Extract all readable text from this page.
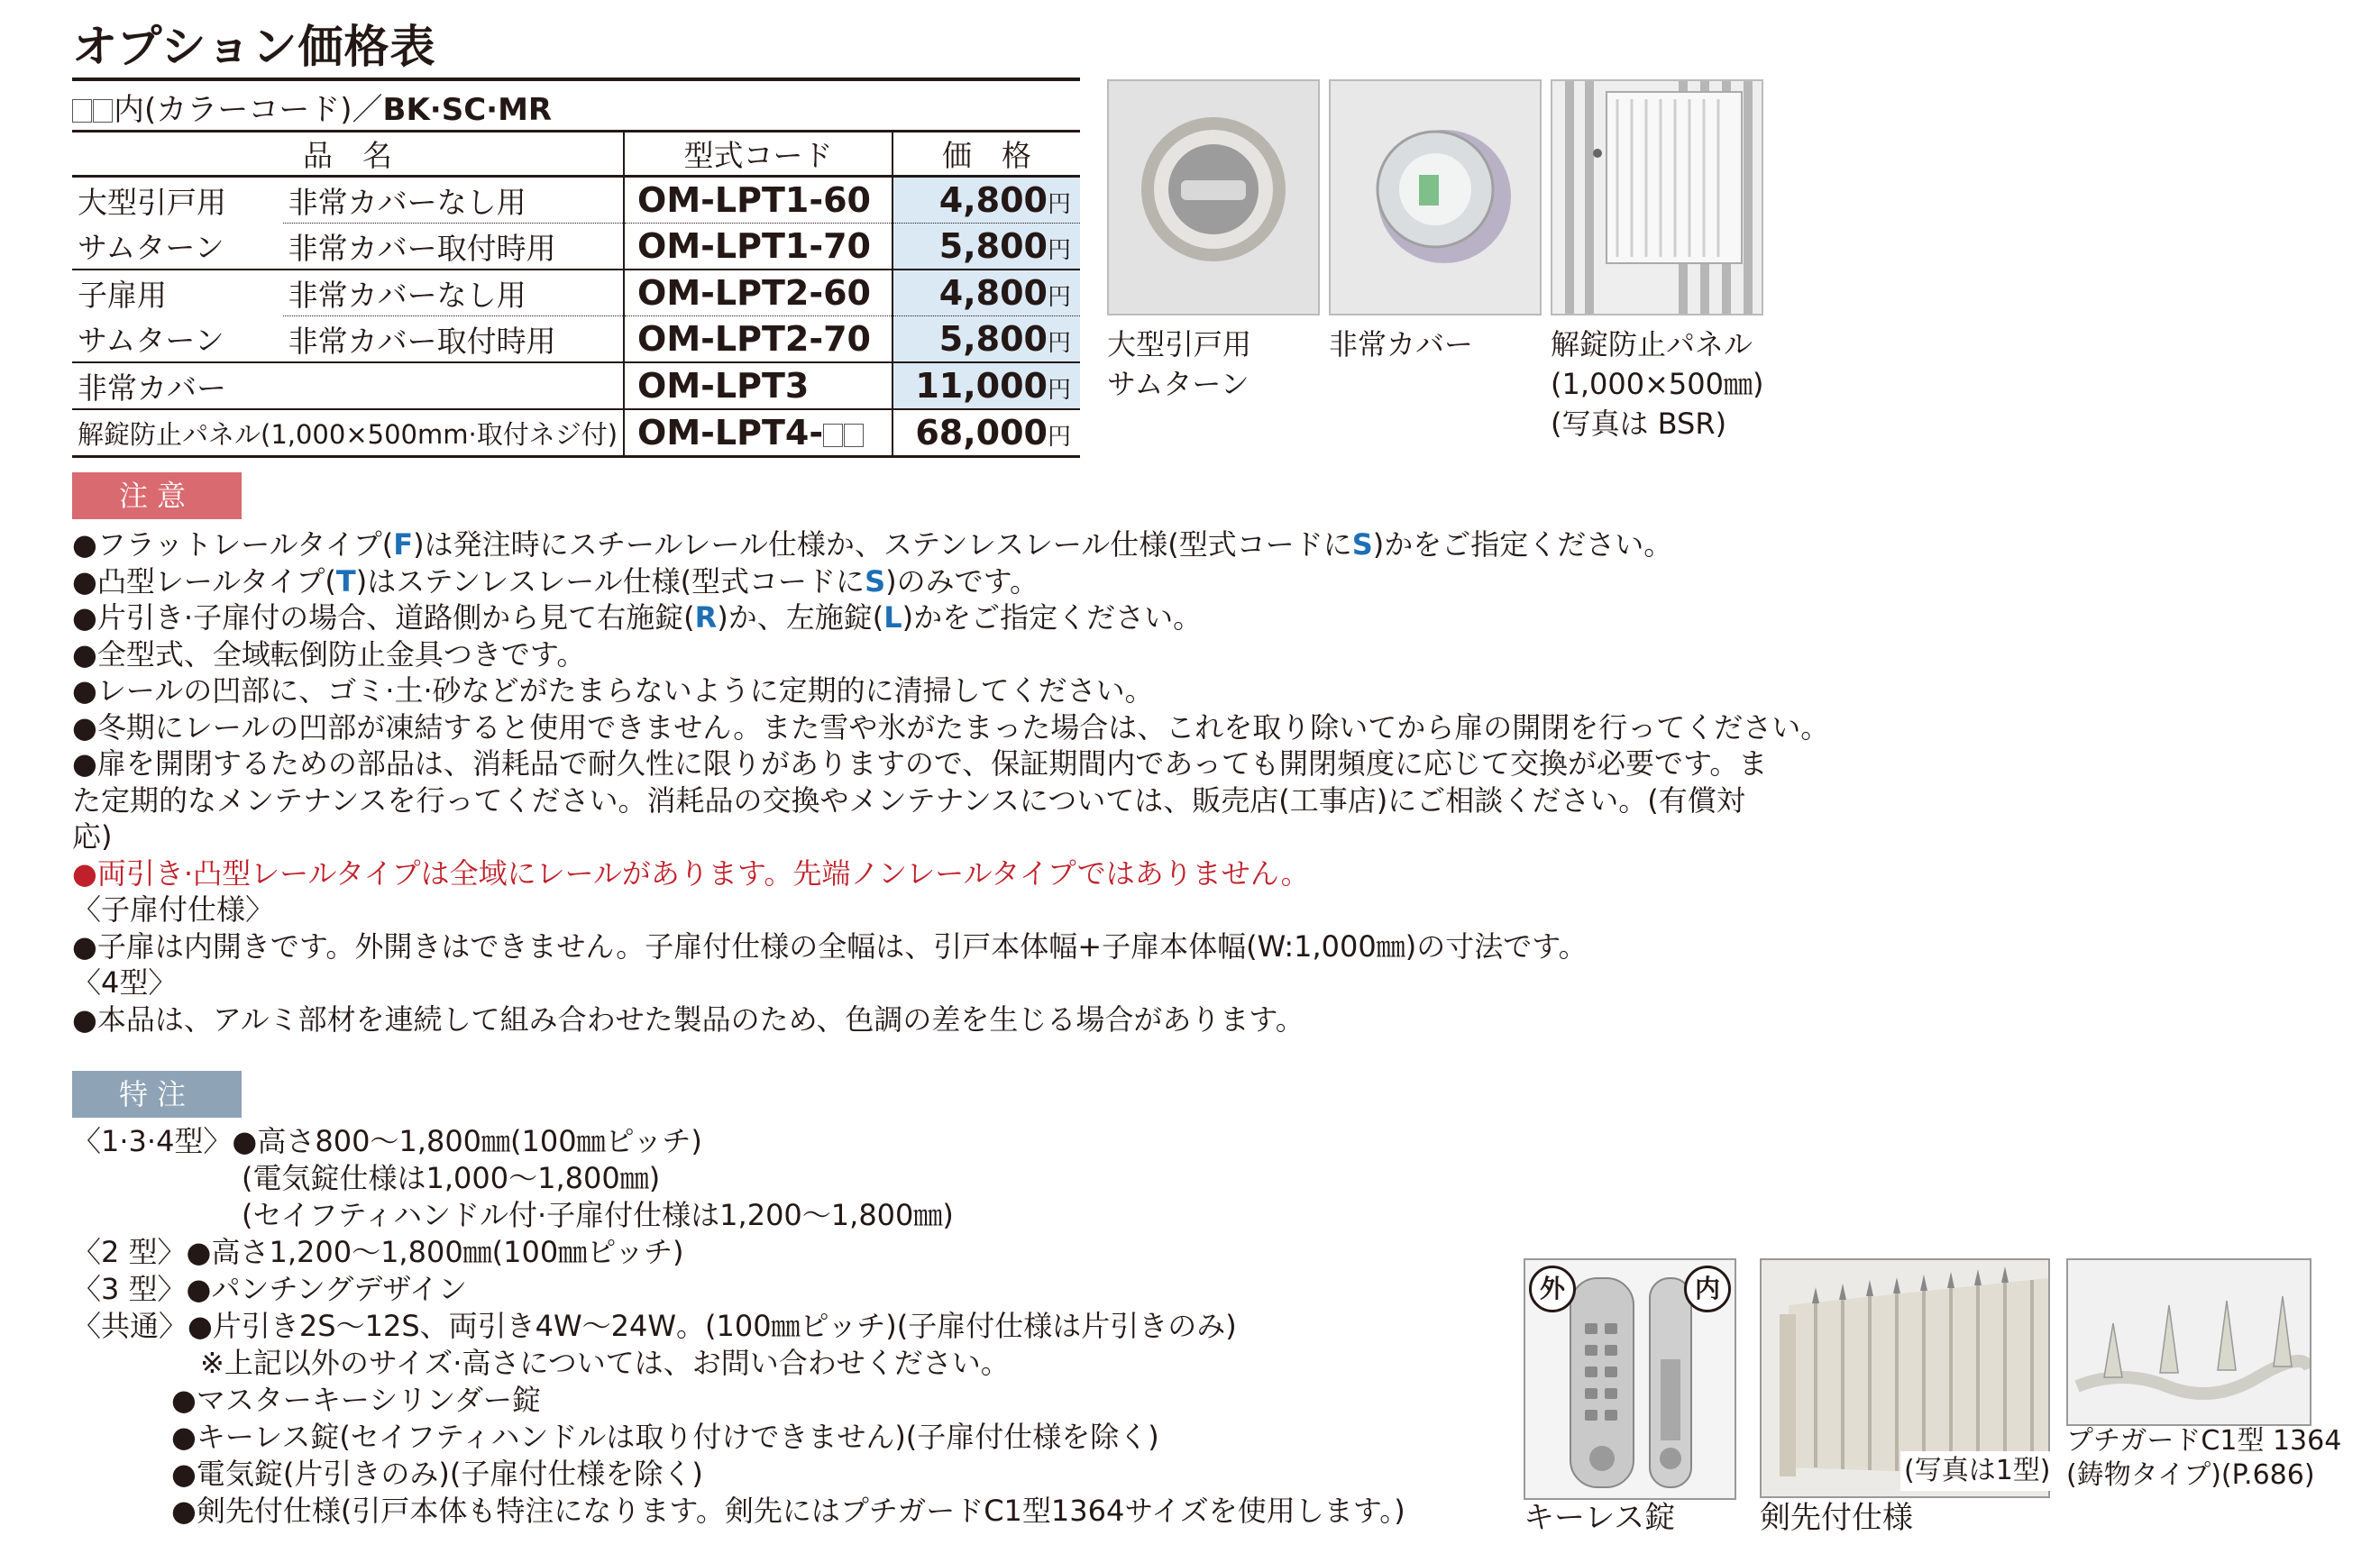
オプション価格表
内(カラーコード)／BK·SC·MR
品　名		型式コード	価　格
大型引戸用	非常カバーなし用	OM-LPT1-60	4,800円
サムターン	非常カバー取付時用	OM-LPT1-70	5,800円
子扉用	非常カバーなし用	OM-LPT2-60	4,800円
サムターン	非常カバー取付時用	OM-LPT2-70	5,800円
非常カバー		OM-LPT3	11,000円
解錠防止パネル(1,000×500mm·取付ネジ付)		OM-LPT4-	68,000円
大型引戸用
サムターン
非常カバー	解錠防止パネル
(1,000×500㎜)
(写真は BSR)
注意

●フラットレールタイプ(F)は発注時にスチールレール仕様か、ステンレスレール仕様(型式コードにS)かをご指定ください。

●凸型レールタイプ(T)はステンレスレール仕様(型式コードにS)のみです。

●片引き·子扉付の場合、道路側から見て右施錠(R)か、左施錠(L)かをご指定ください。

●全型式、全域転倒防止金具つきです。

●レールの凹部に、ゴミ·土·砂などがたまらないように定期的に清掃してください。

●冬期にレールの凹部が凍結すると使用できません。また雪や氷がたまった場合は、これを取り除いてから扉の開閉を行ってください。

●扉を開閉するための部品は、消耗品で耐久性に限りがありますので、保証期間内であっても開閉頻度に応じて交換が必要です。また定期的なメンテナンスを行ってください。消耗品の交換やメンテナンスについては、販売店(工事店)にご相談ください。(有償対応)

●両引き·凸型レールタイプは全域にレールがあります。先端ノンレールタイプではありません。

〈子扉付仕様〉

●子扉は内開きです。外開きはできません。子扉付仕様の全幅は、引戸本体幅+子扉本体幅(W:1,000㎜)の寸法です。

〈4型〉

●本品は、アルミ部材を連続して組み合わせた製品のため、色調の差を生じる場合があります。

特注
〈1·3·4型〉●高さ800～1,800㎜(100㎜ピッチ)
(電気錠仕様は1,000～1,800㎜)
(セイフティハンドル付·子扉付仕様は1,200～1,800㎜)
〈2 型〉●高さ1,200～1,800㎜(100㎜ピッチ)
〈3 型〉●パンチングデザイン
〈共通〉●片引き2S～12S、両引き4W～24W。(100㎜ピッチ)(子扉付仕様は片引きのみ)
※上記以外のサイズ·高さについては、お問い合わせください。
●マスターキーシリンダー錠
●キーレス錠(セイフティハンドルは取り付けできません)(子扉付仕様を除く)
●電気錠(片引きのみ)(子扉付仕様を除く)
●剣先付仕様(引戸本体も特注になります。剣先にはプチガードC1型1364サイズを使用します。)
外	内
キーレス錠
(写真は1型)
剣先付仕様
プチガードC1型 1364
(鋳物タイプ)(P.686)
